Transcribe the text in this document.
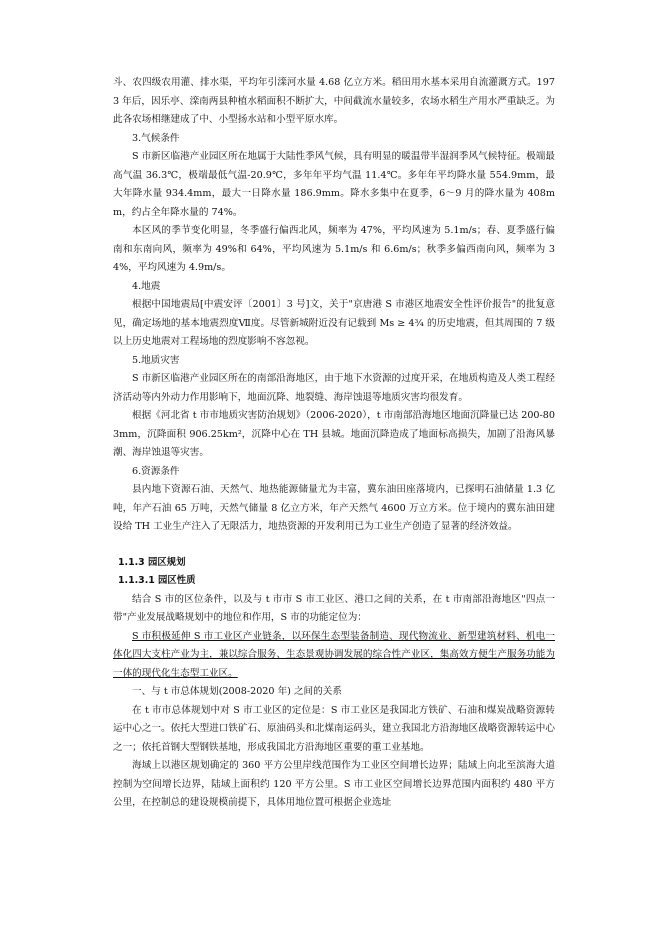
斗、农四级农用灌、排水渠，平均年引滦河水量 4.68 亿立方米。稻田用水基本采用自流灌溉方式。1973 年后，因乐亭、滦南两县种植水稻面积不断扩大，中间截流水量较多，农场水稻生产用水严重缺乏。为此各农场相继建成了中、小型扬水站和小型平原水库。

3.气候条件

S 市新区临港产业园区所在地属于大陆性季风气候，具有明显的暖温带半湿润季风气候特征。极端最高气温 36.3℃，极端最低气温-20.9℃，多年年平均气温 11.4℃。多年年平均降水量 554.9mm，最大年降水量 934.4mm，最大一日降水量 186.9mm。降水多集中在夏季，6～9 月的降水量为 408mm，约占全年降水量的 74%。

本区风的季节变化明显，冬季盛行偏西北风，频率为 47%，平均风速为 5.1m/s；春、夏季盛行偏南和东南向风，频率为 49%和 64%，平均风速为 5.1m/s 和 6.6m/s；秋季多偏西南向风，频率为 34%，平均风速为 4.9m/s。

4.地震

根据中国地震局[中震安评〔2001〕3 号]文，关于"京唐港 S 市港区地震安全性评价报告"的批复意见，确定场地的基本地震烈度Ⅶ度。尽管新城附近没有记载到 Ms ≥ 4¾ 的历史地震，但其周围的 7 级以上历史地震对工程场地的烈度影响不容忽视。

5.地质灾害

S 市新区临港产业园区所在的南部沿海地区，由于地下水资源的过度开采，在地质构造及人类工程经济活动等内外动力作用影响下，地面沉降、地裂缝、海岸蚀退等地质灾害均很发育。

根据《河北省 t 市市地质灾害防治规划》（2006-2020），t 市南部沿海地区地面沉降量已达 200-803mm，沉降面积 906.25km²，沉降中心在 TH 县城。地面沉降造成了地面标高损失，加剧了沿海风暴潮、海岸蚀退等灾害。

6.资源条件

县内地下资源石油、天然气、地热能源储量尤为丰富，冀东油田座落境内，已探明石油储量 1.3 亿吨，年产石油 65 万吨，天然气储量 8 亿立方米，年产天然气 4600 万立方米。位于境内的冀东油田建设给 TH 工业生产注入了无限活力，地热资源的开发利用已为工业生产创造了显著的经济效益。

1.1.3 园区规划

1.1.3.1 园区性质

结合 S 市的区位条件，以及与 t 市市 S 市工业区、港口之间的关系，在 t 市南部沿海地区"四点一带"产业发展战略规划中的地位和作用，S 市的功能定位为：

S 市积极延伸 S 市工业区产业链条，以环保生态型装备制造、现代物流业、新型建筑材料、机电一体化四大支柱产业为主，兼以综合服务、生态景观协调发展的综合性产业区，集高效方便生产服务功能为一体的现代化生态型工业区。

一、与 t 市总体规划(2008-2020 年) 之间的关系

在 t 市市总体规划中对 S 市工业区的定位是：S 市工业区是我国北方铁矿、石油和煤炭战略资源转运中心之一。依托大型进口铁矿石、原油码头和北煤南运码头，建立我国北方沿海地区战略资源转运中心之一；依托首钢大型钢铁基地，形成我国北方沿海地区重要的重工业基地。

海域上以港区规划确定的 360 平方公里岸线范围作为工业区空间增长边界；陆域上向北至滨海大道控制为空间增长边界，陆域上面积约 120 平方公里。S 市工业区空间增长边界范围内面积约 480 平方公里，在控制总的建设规模前提下，具体用地位置可根据企业选址
